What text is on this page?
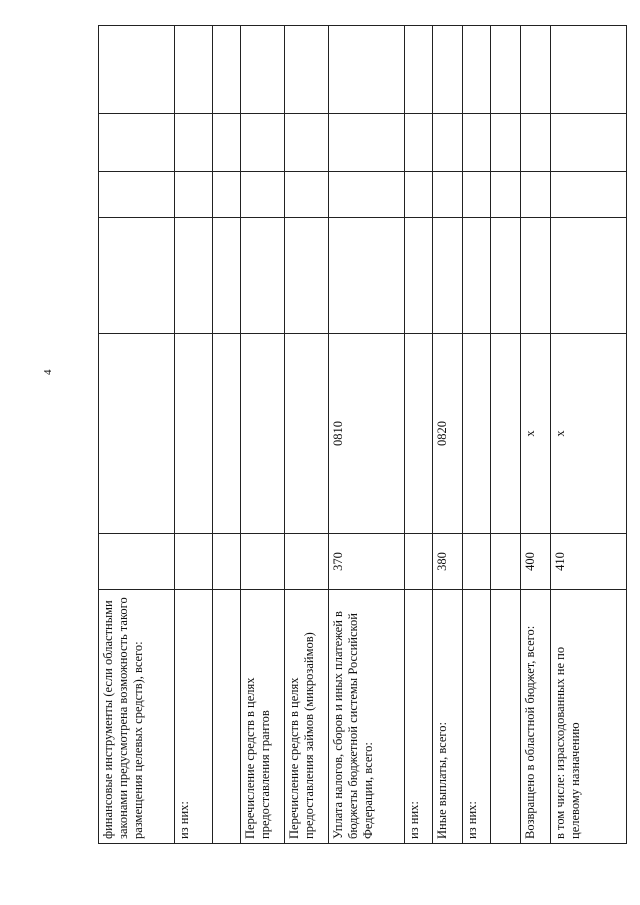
4
финансовые инструменты (если областными законами предусмотрена возможность такого размещения целевых средств), всего:						
из них:						

Перечисление средств в целях предоставления грантов						
Перечисление средств в целях предоставления займов (микрозаймов)						
Уплата налогов, сборов и иных платежей в бюджеты бюджетной системы Российской Федерации, всего:	370	0810				
из них:						
Иные выплаты, всего:	380	0820				
из них:						

Возвращено в областной бюджет, всего:	400	x				
в том числе: израсходованных не по целевому назначению	410	x				
